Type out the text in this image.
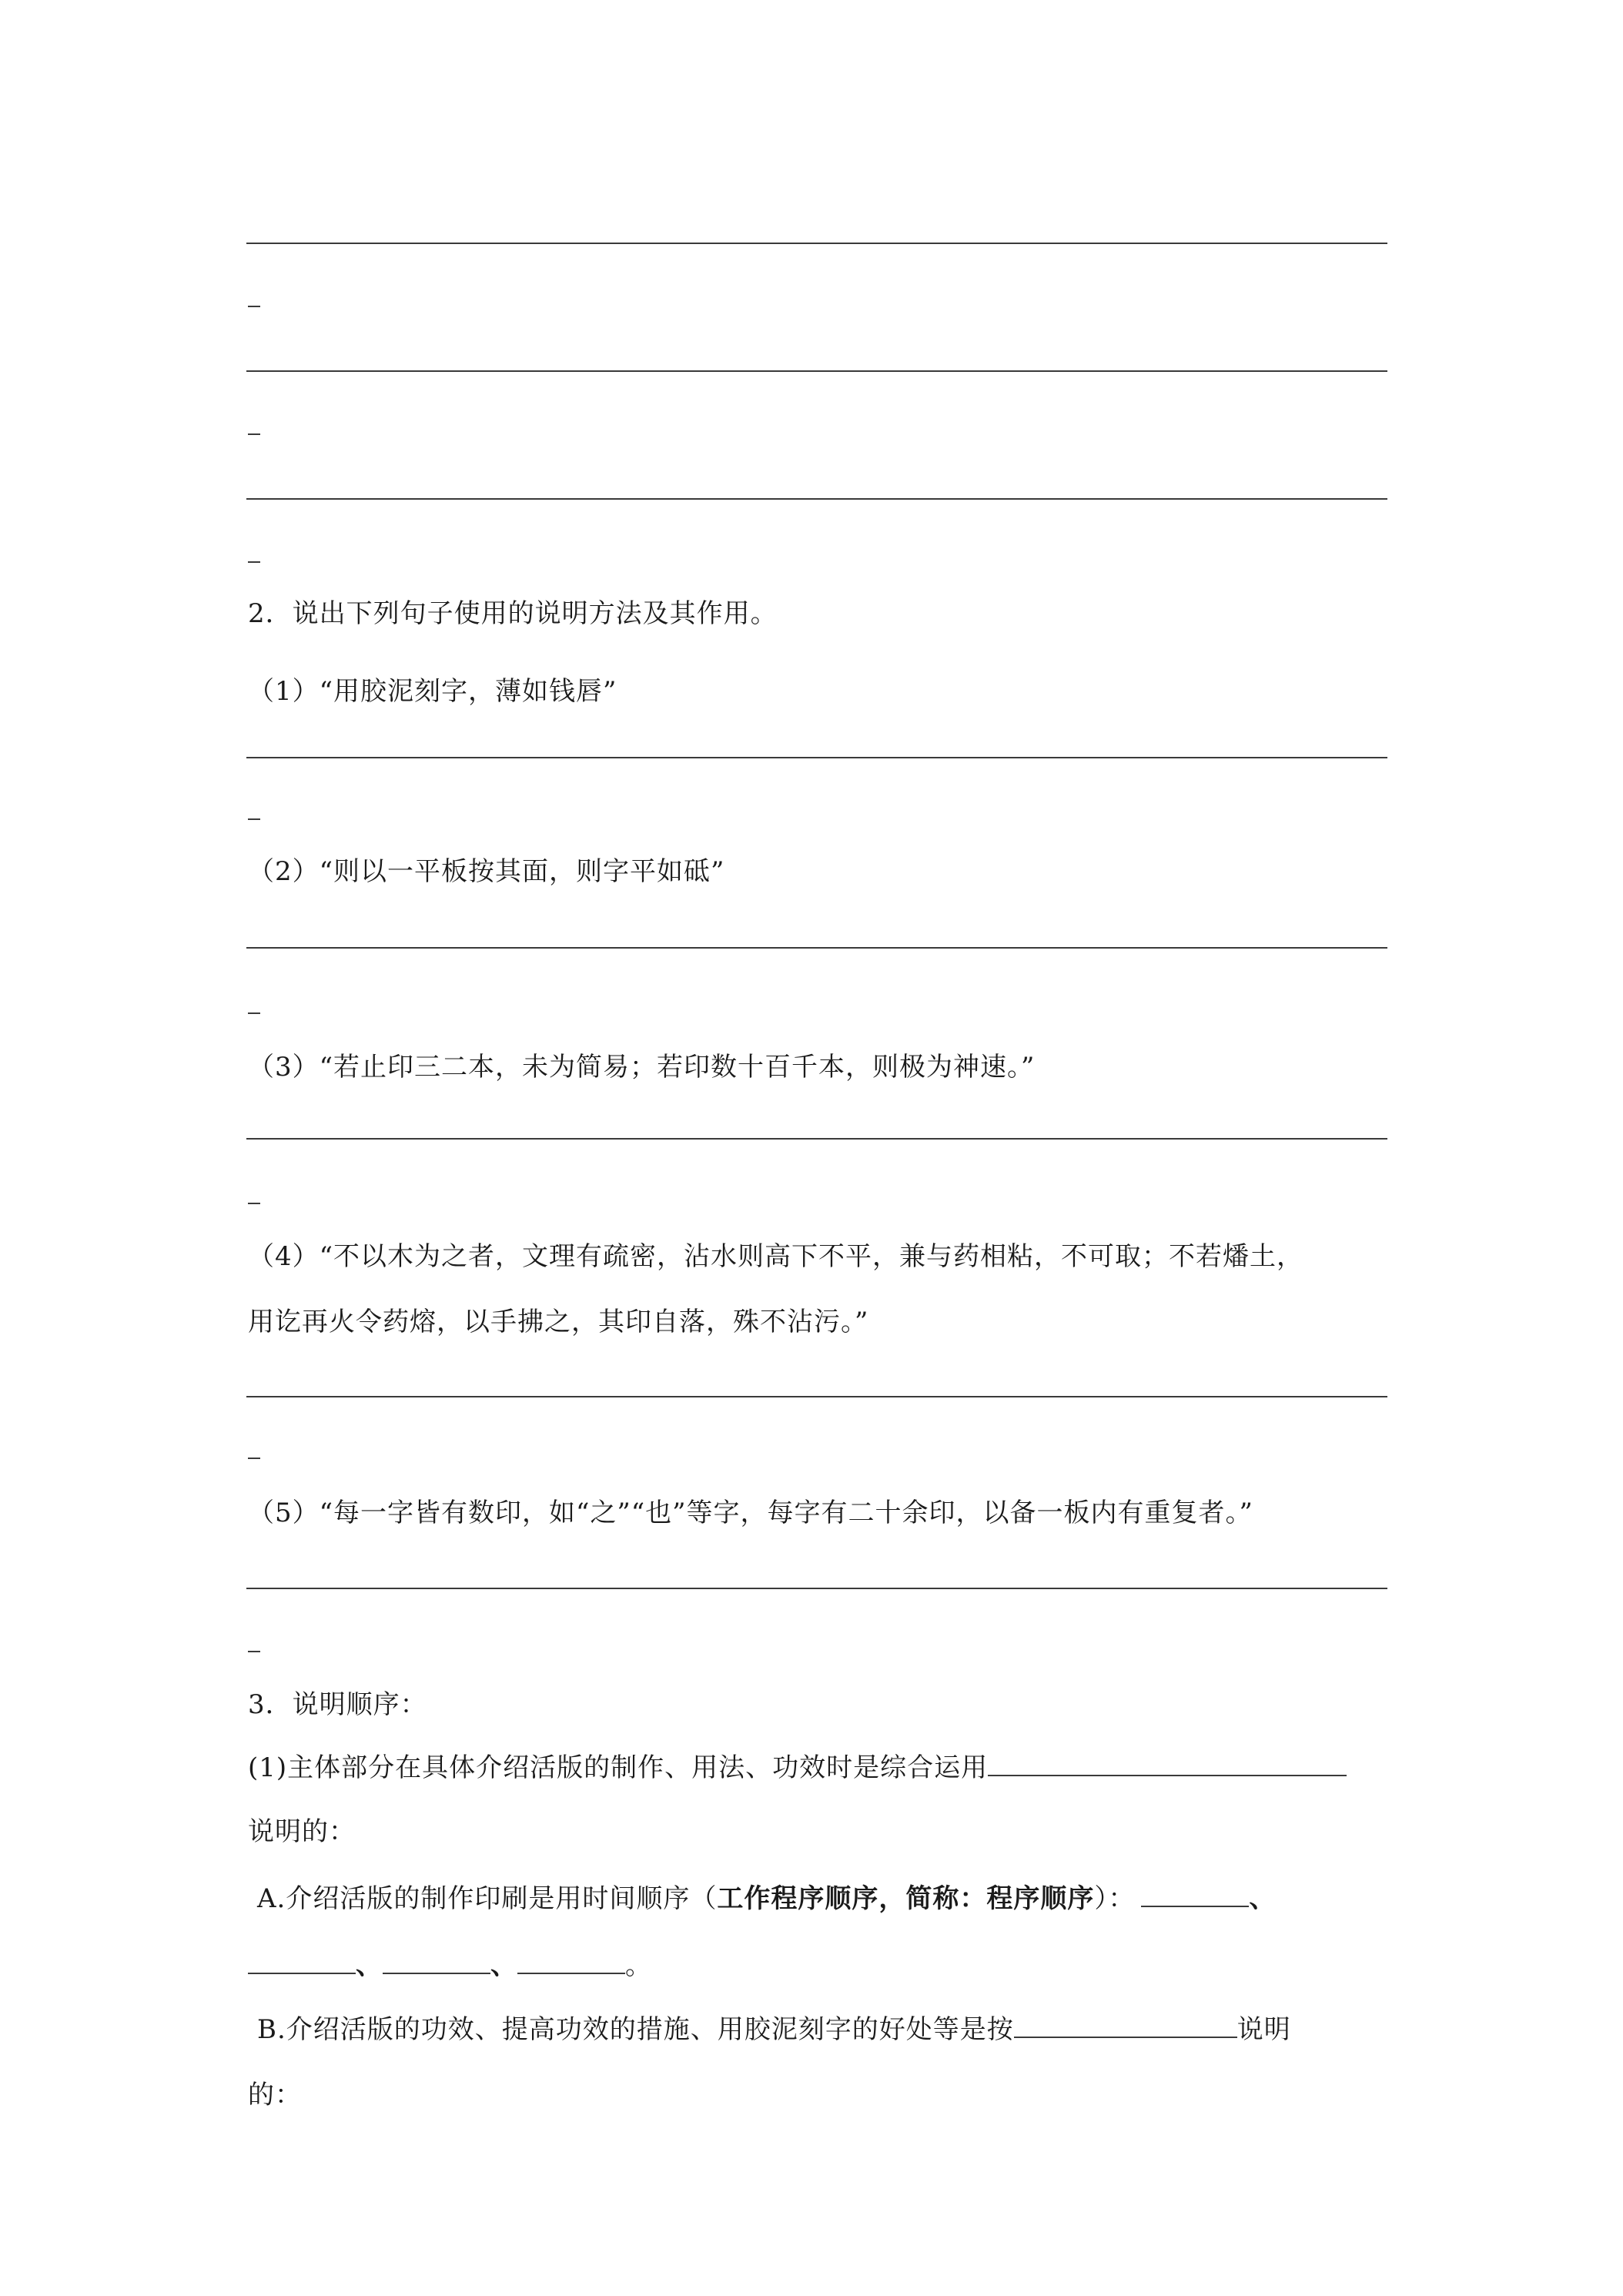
2．说出下列句子使用的说明方法及其作用。
（1）“用胶泥刻字，薄如钱唇”
（2）“则以一平板按其面，则字平如砥”
（3）“若止印三二本，未为简易；若印数十百千本，则极为神速。”
（4）“不以木为之者，文理有疏密，沾水则高下不平，兼与药相粘，不可取；不若燔土，
用讫再火令药熔，以手拂之，其印自落，殊不沾污。”
（5）“每一字皆有数印，如“之”“也”等字，每字有二十余印，以备一板内有重复者。”
3．说明顺序：
(1)主体部分在具体介绍活版的制作、用法、功效时是综合运用
说明的：
A.介绍活版的制作印刷是用时间顺序（工作程序顺序，简称：程序顺序）：	、
、	、	。
B.介绍活版的功效、提高功效的措施、用胶泥刻字的好处等是按	说明
的：
